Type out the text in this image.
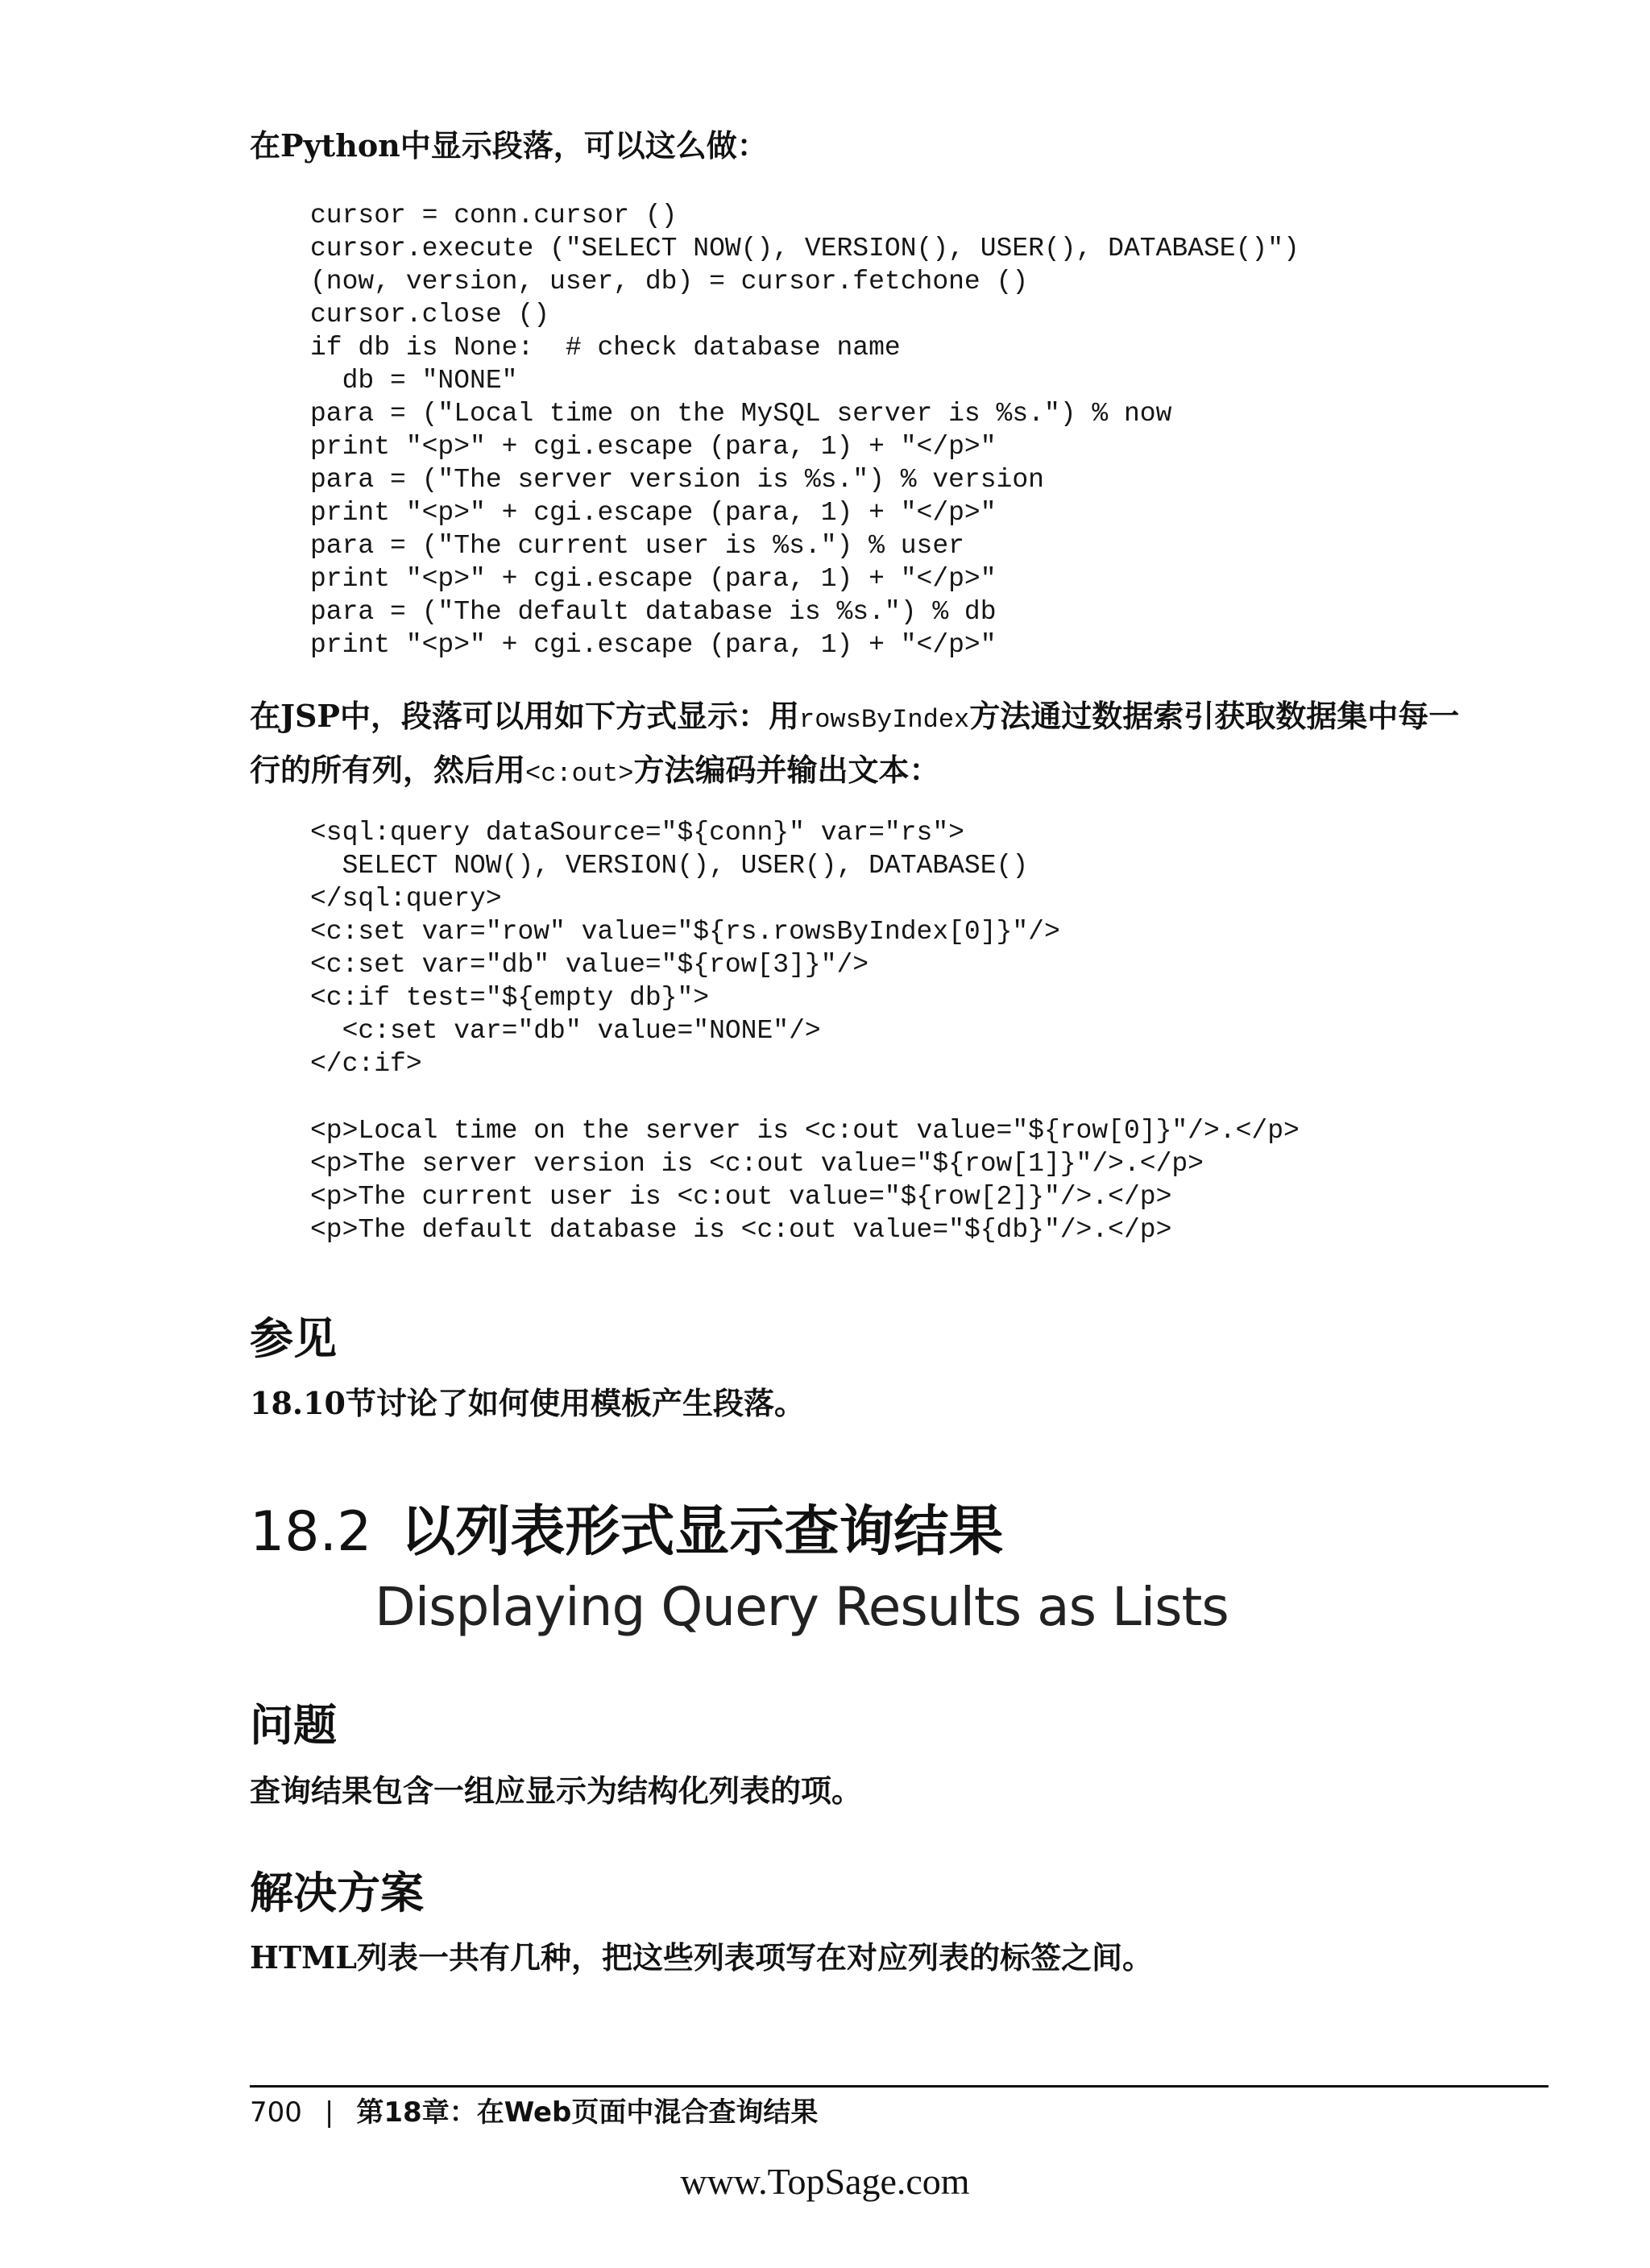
在Python中显示段落，可以这么做：

cursor = conn.cursor ()
cursor.execute ("SELECT NOW(), VERSION(), USER(), DATABASE()")
(now, version, user, db) = cursor.fetchone ()
cursor.close ()
if db is None:  # check database name
db = "NONE"
para = ("Local time on the MySQL server is %s.") % now
print "<p>" + cgi.escape (para, 1) + "</p>"
para = ("The server version is %s.") % version
print "<p>" + cgi.escape (para, 1) + "</p>"
para = ("The current user is %s.") % user
print "<p>" + cgi.escape (para, 1) + "</p>"
para = ("The default database is %s.") % db
print "<p>" + cgi.escape (para, 1) + "</p>"

在JSP中，段落可以用如下方式显示：用rowsByIndex方法通过数据索引获取数据集中每一
行的所有列，然后用<c:out>方法编码并输出文本：

<sql:query dataSource="${conn}" var="rs">
SELECT NOW(), VERSION(), USER(), DATABASE()
</sql:query>
<c:set var="row" value="${rs.rowsByIndex[0]}"/>
<c:set var="db" value="${row[3]}"/>
<c:if test="${empty db}">
<c:set var="db" value="NONE"/>
</c:if>
<p>Local time on the server is <c:out value="${row[0]}"/>.</p>
<p>The server version is <c:out value="${row[1]}"/>.</p>
<p>The current user is <c:out value="${row[2]}"/>.</p>
<p>The default database is <c:out value="${db}"/>.</p>
参见

18.10节讨论了如何使用模板产生段落。

18.2 以列表形式显示查询结果

Displaying Query Results as Lists

问题

查询结果包含一组应显示为结构化列表的项。

解决方案

HTML列表一共有几种，把这些列表项写在对应列表的标签之间。

700 | 第18章：在Web页面中混合查询结果
www.TopSage.com
